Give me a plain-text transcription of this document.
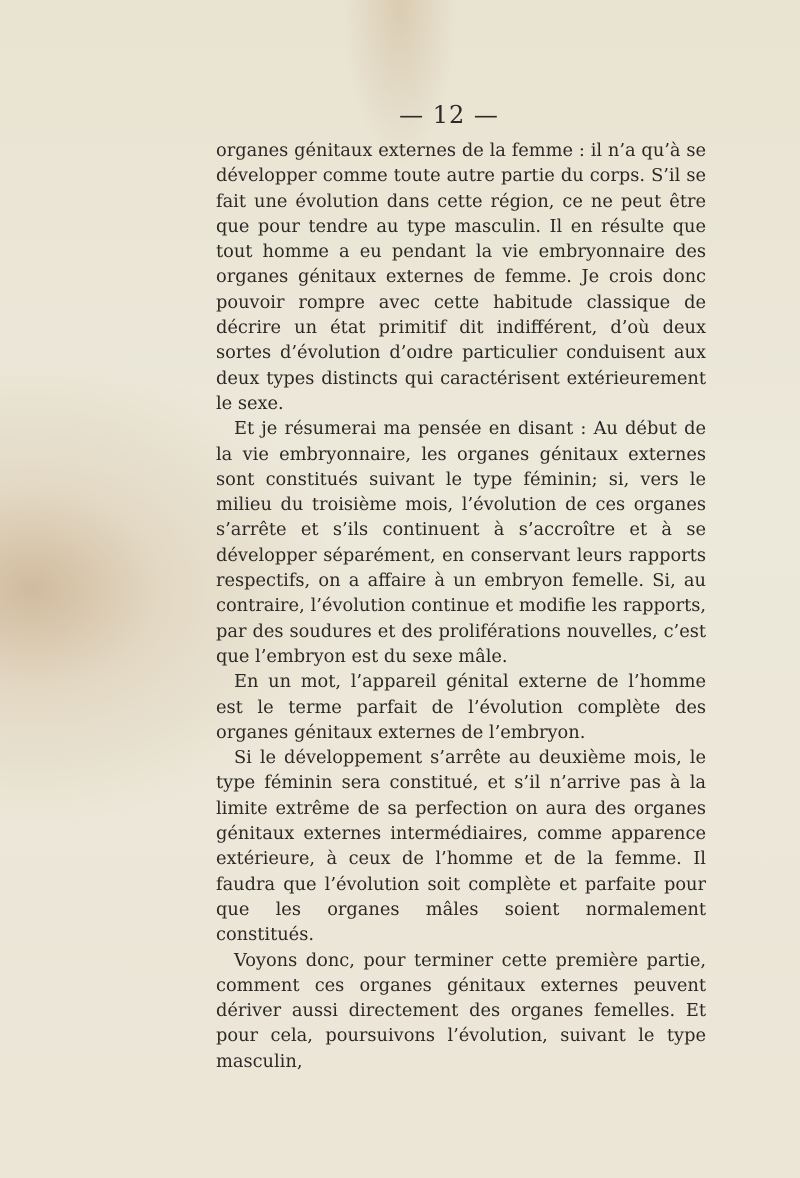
— 12 —

organes génitaux externes de la femme : il n’a qu’à se développer comme toute autre partie du corps. S’il se fait une évolution dans cette région, ce ne peut être que pour tendre au type masculin. Il en résulte que tout homme a eu pendant la vie embryonnaire des organes génitaux externes de femme. Je crois donc pouvoir rompre avec cette habitude classique de décrire un état primitif dit indifférent, d’où deux sortes d’évolution d’oıdre particulier conduisent aux deux types distincts qui caractérisent extérieurement le sexe.

Et je résumerai ma pensée en disant : Au début de la vie embryonnaire, les organes génitaux externes sont constitués suivant le type féminin; si, vers le milieu du troisième mois, l’évolution de ces organes s’arrête et s’ils continuent à s’accroître et à se développer séparément, en conservant leurs rapports respectifs, on a affaire à un embryon femelle. Si, au contraire, l’évolution continue et modifie les rapports, par des soudures et des proliférations nouvelles, c’est que l’embryon est du sexe mâle.

En un mot, l’appareil génital externe de l’homme est le terme parfait de l’évolution complète des organes génitaux externes de l’embryon.

Si le développement s’arrête au deuxième mois, le type féminin sera constitué, et s’il n’arrive pas à la limite extrême de sa perfection on aura des organes génitaux externes intermédiaires, comme apparence extérieure, à ceux de l’homme et de la femme. Il faudra que l’évolution soit complète et parfaite pour que les organes mâles soient normalement constitués.

Voyons donc, pour terminer cette première partie, comment ces organes génitaux externes peuvent dériver aussi directement des organes femelles. Et pour cela, poursuivons l’évolution, suivant le type masculin,
